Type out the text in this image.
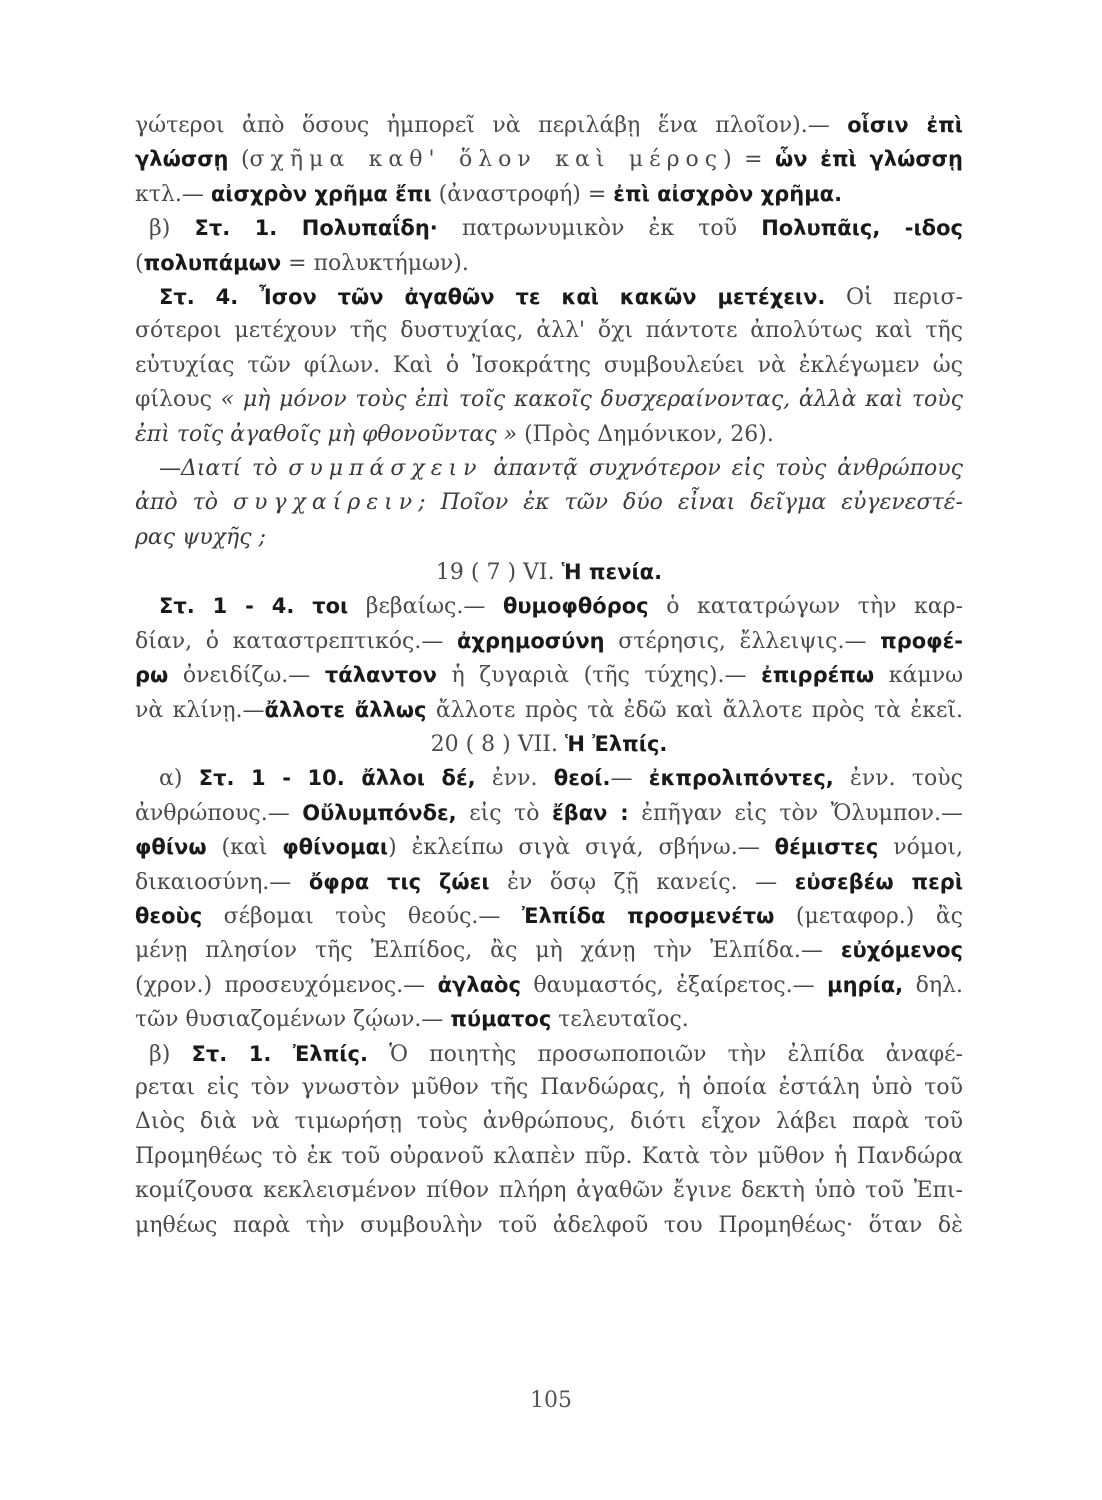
γώτεροι ἀπὸ ὅσους ἠμπορεῖ νὰ περιλάβῃ ἕνα πλοῖον).— οἷσιν ἐπὶ
γλώσσῃ (σχῆμα καθ' ὅλον καὶ μέρος) = ὧν ἐπὶ γλώσσῃ
κτλ.— αἰσχρὸν χρῆμα ἔπι (ἀναστροφή) = ἐπὶ αἰσχρὸν χρῆμα.
β) Στ. 1. Πολυπαΐδη· πατρωνυμικὸν ἐκ τοῦ Πολυπᾶις, -ιδος
(πολυπάμων = πολυκτήμων).
Στ. 4. Ἶσον τῶν ἀγαθῶν τε καὶ κακῶν μετέχειν. Οἱ περισ-
σότεροι μετέχουν τῆς δυστυχίας, ἀλλ' ὄχι πάντοτε ἀπολύτως καὶ τῆς
εὐτυχίας τῶν φίλων. Καὶ ὁ Ἰσοκράτης συμβουλεύει νὰ ἐκλέγωμεν ὡς
φίλους « μὴ μόνον τοὺς ἐπὶ τοῖς κακοῖς δυσχεραίνοντας, ἀλλὰ καὶ τοὺς
ἐπὶ τοῖς ἀγαθοῖς μὴ φθονοῦντας » (Πρὸς Δημόνικον, 26).
—Διατί τὸ συμπάσχειν ἀπαντᾷ συχνότερον εἰς τοὺς ἀνθρώπους
ἀπὸ τὸ συγχαίρειν; Ποῖον ἐκ τῶν δύο εἶναι δεῖγμα εὐγενεστέ-
ρας ψυχῆς ;
19 ( 7 ) VI. Ἡ πενία.
Στ. 1 - 4. τοι βεβαίως.— θυμοφθόρος ὁ κατατρώγων τὴν καρ-
δίαν, ὁ καταστρεπτικός.— ἀχρημοσύνη στέρησις, ἔλλειψις.— προφέ-
ρω ὀνειδίζω.— τάλαντον ἡ ζυγαριὰ (τῆς τύχης).— ἐπιρρέπω κάμνω
νὰ κλίνῃ.—ἄλλοτε ἄλλως ἄλλοτε πρὸς τὰ ἐδῶ καὶ ἄλλοτε πρὸς τὰ ἐκεῖ.
20 ( 8 ) VII. Ἡ Ἐλπίς.
α) Στ. 1 - 10. ἄλλοι δέ, ἐνν. θεοί.— ἐκπρολιπόντες, ἐνν. τοὺς
ἀνθρώπους.— Οὔλυμπόνδε, εἰς τὸ ἔβαν : ἐπῆγαν εἰς τὸν Ὄλυμπον.—
φθίνω (καὶ φθίνομαι) ἐκλείπω σιγὰ σιγά, σβήνω.— θέμιστες νόμοι,
δικαιοσύνη.— ὄφρα τις ζώει ἐν ὅσῳ ζῇ κανείς. — εὐσεβέω περὶ
θεοὺς σέβομαι τοὺς θεούς.— Ἐλπίδα προσμενέτω (μεταφορ.) ἂς
μένῃ πλησίον τῆς Ἐλπίδος, ἂς μὴ χάνῃ τὴν Ἐλπίδα.— εὐχόμενος
(χρον.) προσευχόμενος.— ἀγλαὸς θαυμαστός, ἐξαίρετος.— μηρία, δηλ.
τῶν θυσιαζομένων ζῴων.— πύματος τελευταῖος.
β) Στ. 1. Ἐλπίς. Ὁ ποιητὴς προσωποποιῶν τὴν ἐλπίδα ἀναφέ-
ρεται εἰς τὸν γνωστὸν μῦθον τῆς Πανδώρας, ἡ ὁποία ἐστάλη ὑπὸ τοῦ
Διὸς διὰ νὰ τιμωρήσῃ τοὺς ἀνθρώπους, διότι εἶχον λάβει παρὰ τοῦ
Προμηθέως τὸ ἐκ τοῦ οὐρανοῦ κλαπὲν πῦρ. Κατὰ τὸν μῦθον ἡ Πανδώρα
κομίζουσα κεκλεισμένον πίθον πλήρη ἀγαθῶν ἔγινε δεκτὴ ὑπὸ τοῦ Ἐπι-
μηθέως παρὰ τὴν συμβουλὴν τοῦ ἀδελφοῦ του Προμηθέως· ὅταν δὲ
105
